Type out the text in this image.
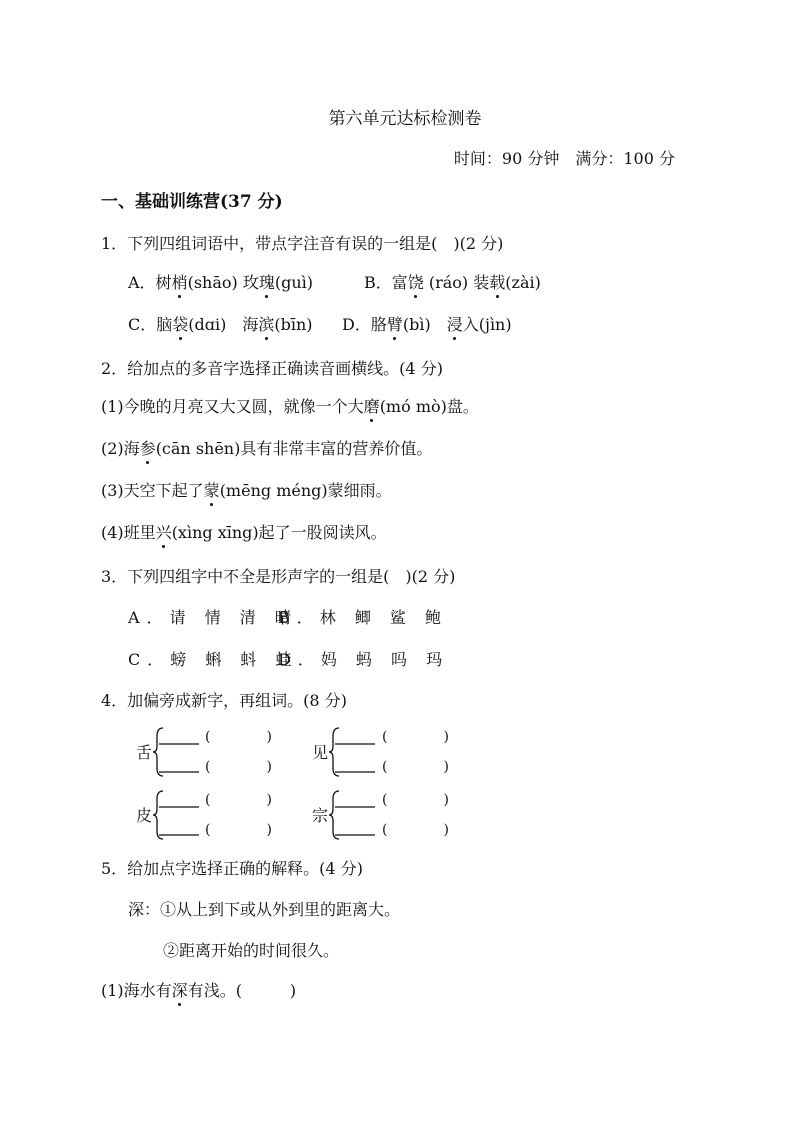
第六单元达标检测卷
时间：90 分钟　满分：100 分
一、基础训练营(37 分)
1．下列四组词语中，带点字注音有误的一组是(　)(2 分)
A．树梢(shāo) 玫瑰(guì)	B．富饶 (ráo) 装载(zài)
C．脑袋(dɑi)　海滨(bīn) D．胳臂(bì)　浸入(jìn)
2．给加点的多音字选择正确读音画横线。(4 分)
(1)今晚的月亮又大又圆，就像一个大磨(mó mò)盘。
(2)海参(cān shēn)具有非常丰富的营养价值。
(3)天空下起了蒙(mēng méng)蒙细雨。
(4)班里兴(xìng xīng)起了一股阅读风。
3．下列四组字中不全是形声字的一组是(　)(2 分)
A．请 情 清 晴
B．林 鲫 鲨 鲍
C．螃 蝌 蚪 蛙
D．妈 蚂 吗 玛
4．加偏旁成新字，再组词。(8 分)
舌
(　　　　)
(　　　　)
见
(　　　　)
(　　　　)
皮
(　　　　)
(　　　　)
宗
(　　　　)
(　　　　)
5．给加点字选择正确的解释。(4 分)
深：①从上到下或从外到里的距离大。
②距离开始的时间很久。
(1)海水有深有浅。(　　　)
